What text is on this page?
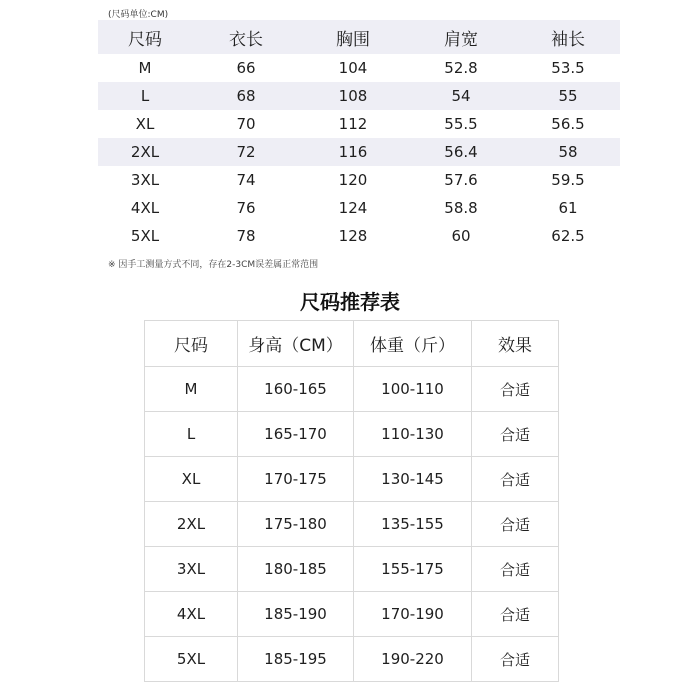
(尺码单位:CM)
尺码	衣长	胸围	肩宽	袖长
M	66	104	52.8	53.5
L	68	108	54	55
XL	70	112	55.5	56.5
2XL	72	116	56.4	58
3XL	74	120	57.6	59.5
4XL	76	124	58.8	61
5XL	78	128	60	62.5
※ 因手工测量方式不同，存在2-3CM误差属正常范围
尺码推荐表
尺码	身高（CM）	体重（斤）	效果
M	160-165	100-110	合适
L	165-170	110-130	合适
XL	170-175	130-145	合适
2XL	175-180	135-155	合适
3XL	180-185	155-175	合适
4XL	185-190	170-190	合适
5XL	185-195	190-220	合适
